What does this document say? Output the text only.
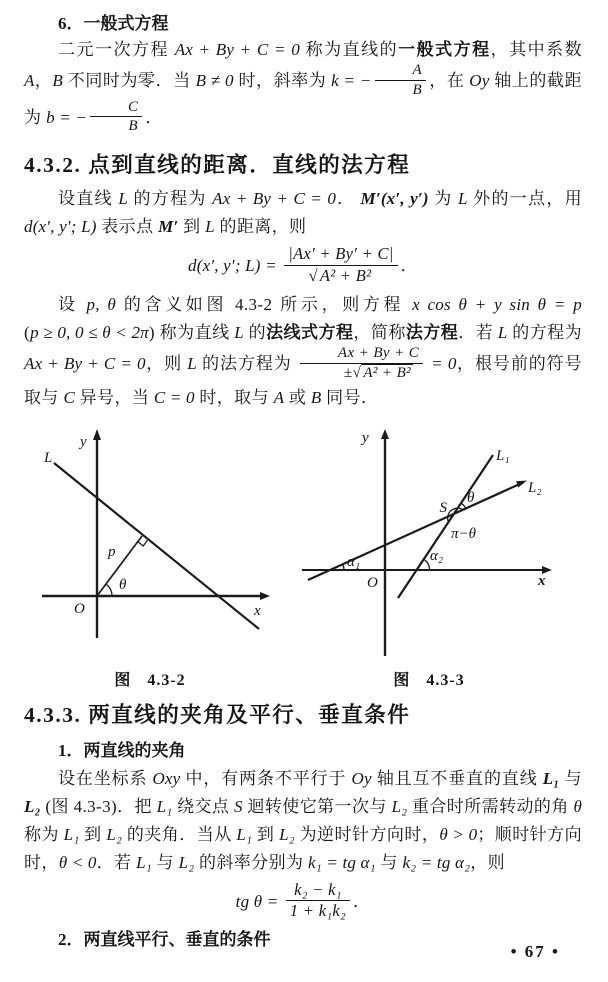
6．一般式方程

二元一次方程 Ax + By + C = 0 称为直线的一般式方程，其中系数 A，B 不同时为零．当 B ≠ 0 时，斜率为 k = − $\frac{A}{B}$ ，在 Oy 轴上的截距为 b = − $\frac{C}{B}$ ．

4.3.2. 点到直线的距离．直线的法方程

设直线 L 的方程为 Ax + By + C = 0． M′(x′, y′) 为 L 外的一点，用 d(x′, y′; L) 表示点 M′ 到 L 的距离，则

d(x′, y′; $L) = \frac{|Ax' + By' + C|}{\text{√ A² + B²}}$ ．

设 p, θ 的含义如图 4.3-2 所示，则方程 x cos θ + y sin θ = p (p ≥ 0, 0 ≤ θ < 2π) 称为直线 L 的法线式方程，简称法方程．若 L 的方程为 Ax + By + C = 0，则 L 的法方程为 $\frac{Ax + By + C}{\text{±√ A² + B²}} = 0$，根号前的符号取与 C 异号，当 C = 0 时，取与 A 或 B 同号．

y
L
p
θ
O	x
图 4.3-2
y
L₁
L₂
S
θ
π−θ
α₁	α₂
O	x
图 4.3-3

4.3.3. 两直线的夹角及平行、垂直条件

1．两直线的夹角

设在坐标系 Oxy 中，有两条不平行于 Oy 轴且互不垂直的直线 L₁ 与 L₂ (图 4.3-3)．把 L₁ 绕交点 S 迴转使它第一次与 L₂ 重合时所需转动的角 θ 称为 L₁ 到 L₂ 的夹角．当从 L₁ 到 L₂ 为逆时针方向时，θ > 0；顺时针方向时，θ < 0．若 L₁ 与 L₂ 的斜率分别为 k₁ = tg α₁ 与 k₂ = tg α₂，则

tg $\theta = \frac{\text{k₂ − k₁}}{\text{1 + k₁k₂}}$ ．

2．两直线平行、垂直的条件

• 67 •
